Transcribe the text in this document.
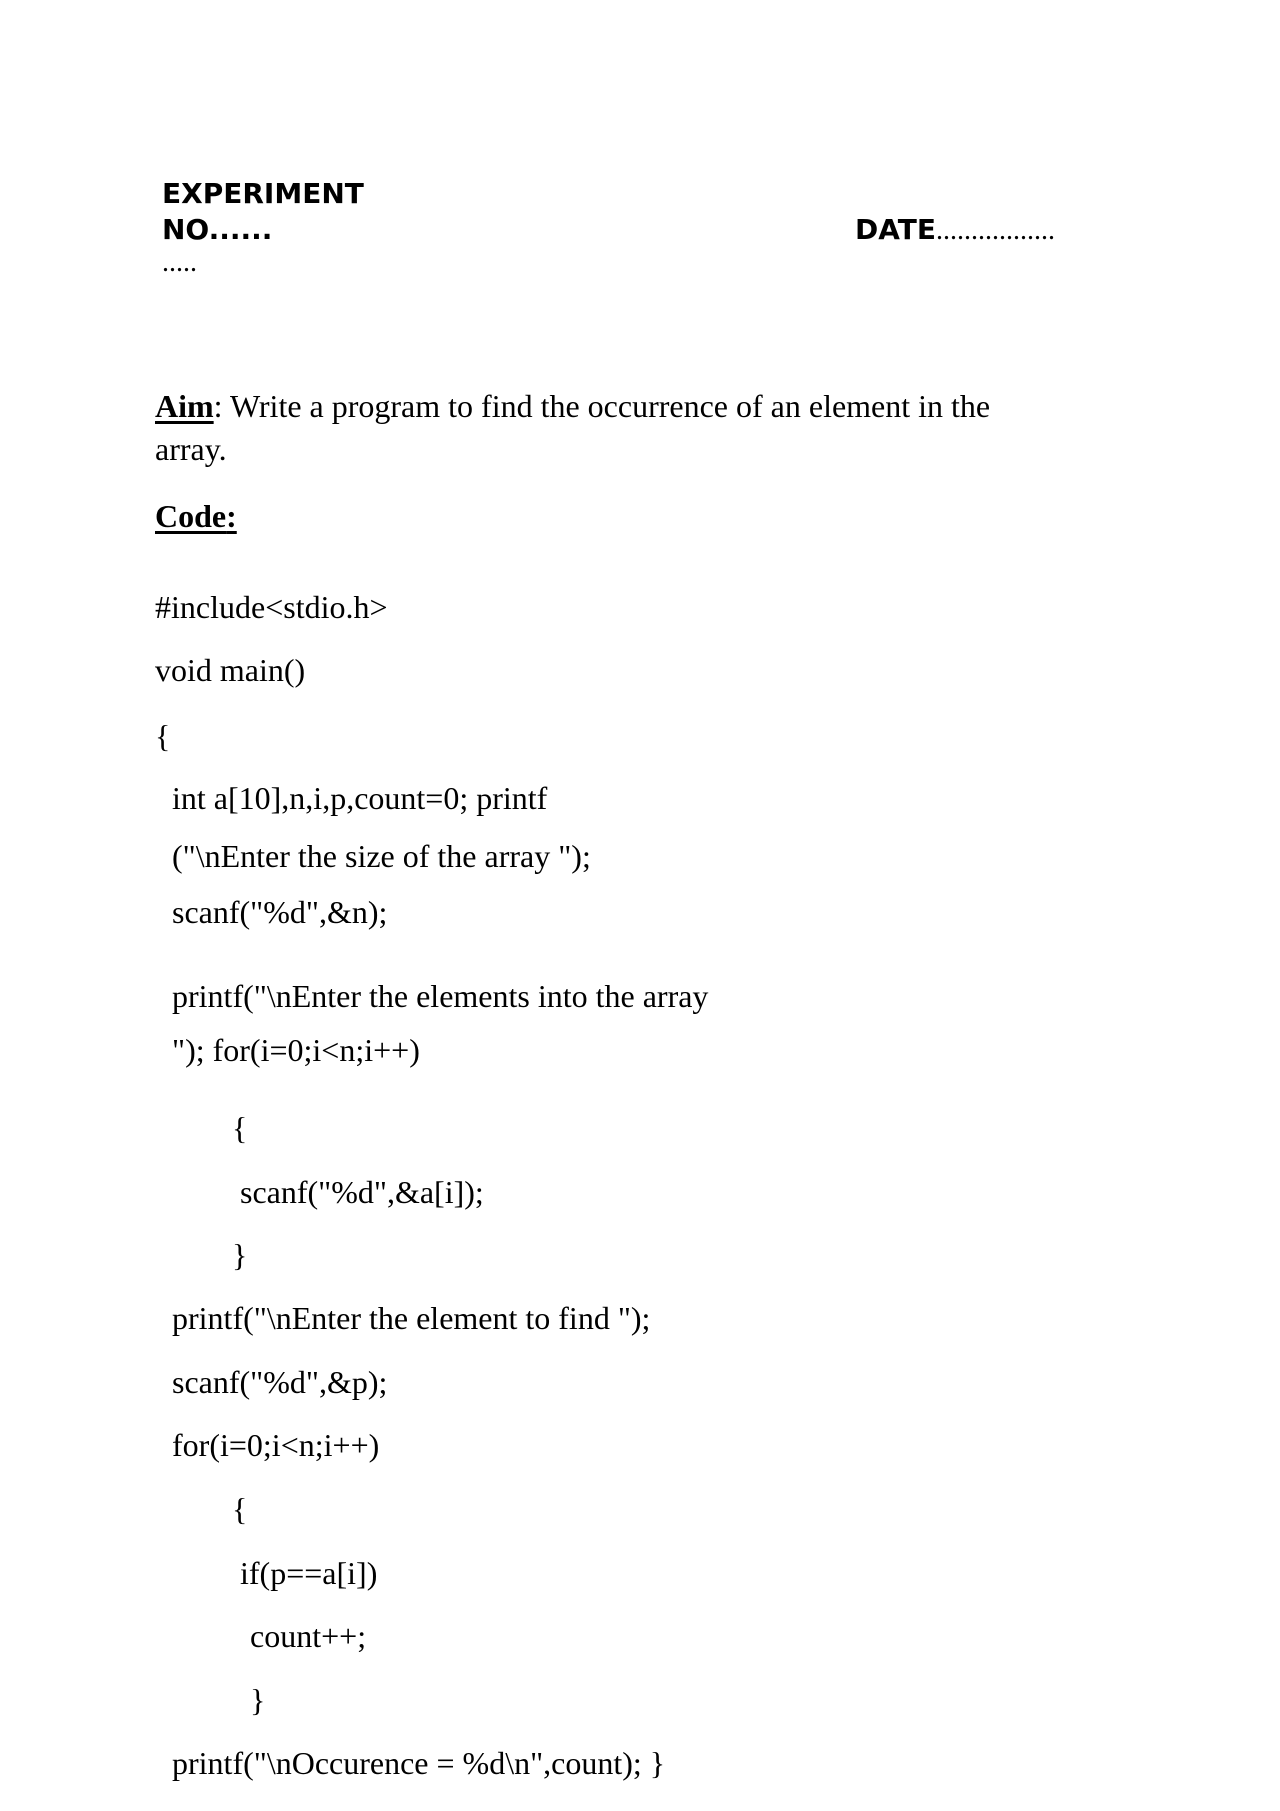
EXPERIMENT
NO......
.....
DATE.................
Aim: Write a program to find the occurrence of an element in the
array.
Code:
#include<stdio.h>
void main()
{
int a[10],n,i,p,count=0; printf
("\nEnter the size of the array ");
scanf("%d",&n);
printf("\nEnter the elements into the array
"); for(i=0;i<n;i++)
{
scanf("%d",&a[i]);
}
printf("\nEnter the element to find ");
scanf("%d",&p);
for(i=0;i<n;i++)
{
if(p==a[i])
count++;
}
printf("\nOccurence = %d\n",count); }
